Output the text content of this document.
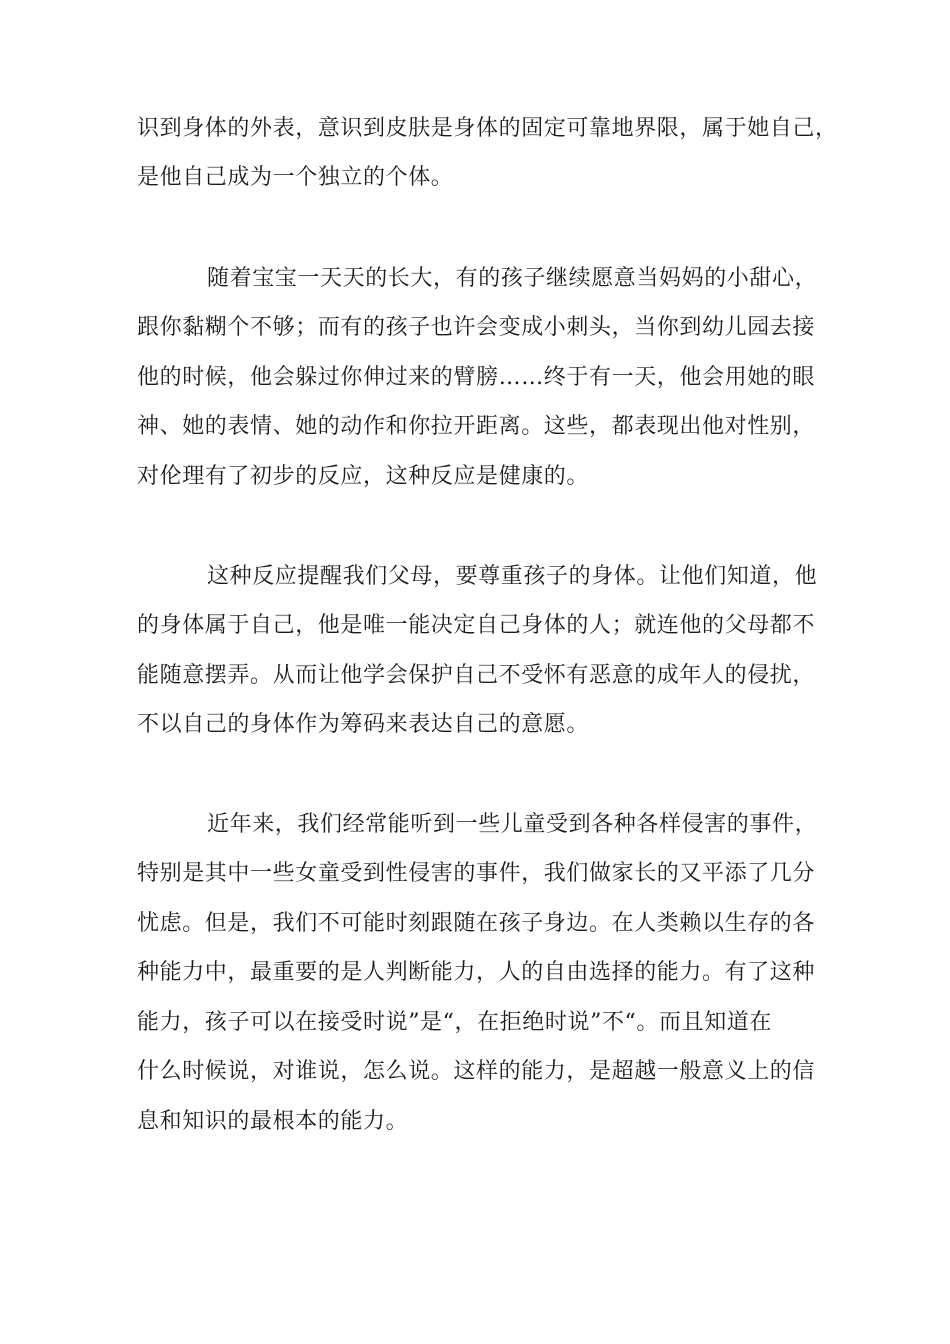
识到身体的外表，意识到皮肤是身体的固定可靠地界限，属于她自己，
是他自己成为一个独立的个体。
随着宝宝一天天的长大，有的孩子继续愿意当妈妈的小甜心，
跟你黏糊个不够；而有的孩子也许会变成小刺头，当你到幼儿园去接
他的时候，他会躲过你伸过来的臂膀……终于有一天，他会用她的眼
神、她的表情、她的动作和你拉开距离。这些，都表现出他对性别，
对伦理有了初步的反应，这种反应是健康的。
这种反应提醒我们父母，要尊重孩子的身体。让他们知道，他
的身体属于自己，他是唯一能决定自己身体的人；就连他的父母都不
能随意摆弄。从而让他学会保护自己不受怀有恶意的成年人的侵扰，
不以自己的身体作为筹码来表达自己的意愿。
近年来，我们经常能听到一些儿童受到各种各样侵害的事件，
特别是其中一些女童受到性侵害的事件，我们做家长的又平添了几分
忧虑。但是，我们不可能时刻跟随在孩子身边。在人类赖以生存的各
种能力中，最重要的是人判断能力，人的自由选择的能力。有了这种
能力，孩子可以在接受时说”是“，在拒绝时说”不“。而且知道在
什么时候说，对谁说，怎么说。这样的能力，是超越一般意义上的信
息和知识的最根本的能力。
